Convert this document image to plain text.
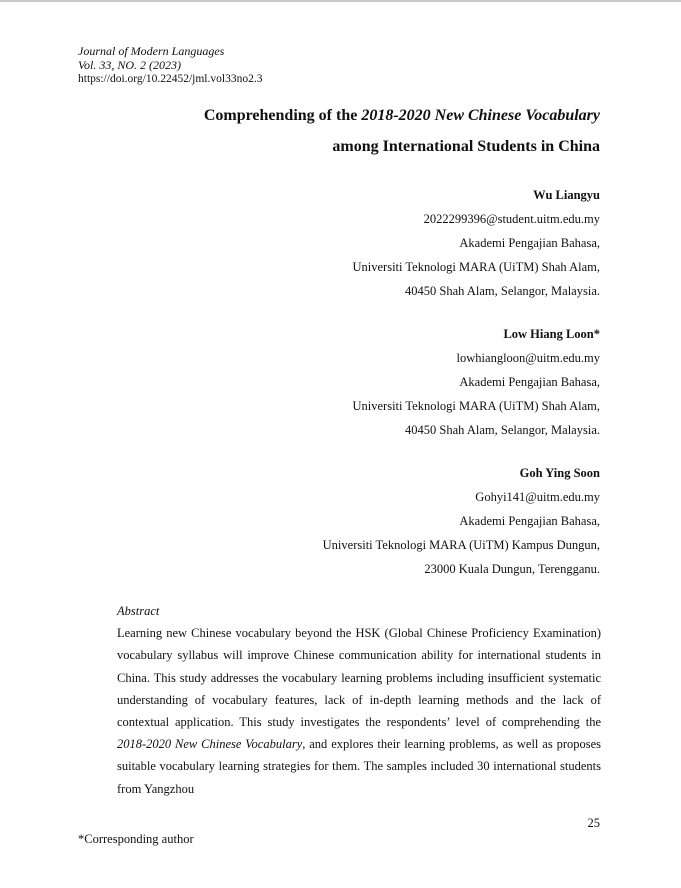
Journal of Modern Languages
Vol. 33, NO. 2 (2023)
https://doi.org/10.22452/jml.vol33no2.3
Comprehending of the 2018-2020 New Chinese Vocabulary
among International Students in China
Wu Liangyu
2022299396@student.uitm.edu.my
Akademi Pengajian Bahasa,
Universiti Teknologi MARA (UiTM) Shah Alam,
40450 Shah Alam, Selangor, Malaysia.
Low Hiang Loon*
lowhiangloon@uitm.edu.my
Akademi Pengajian Bahasa,
Universiti Teknologi MARA (UiTM) Shah Alam,
40450 Shah Alam, Selangor, Malaysia.
Goh Ying Soon
Gohyi141@uitm.edu.my
Akademi Pengajian Bahasa,
Universiti Teknologi MARA (UiTM) Kampus Dungun,
23000 Kuala Dungun, Terengganu.
Abstract
Learning new Chinese vocabulary beyond the HSK (Global Chinese Proficiency Examination) vocabulary syllabus will improve Chinese communication ability for international students in China. This study addresses the vocabulary learning problems including insufficient systematic understanding of vocabulary features, lack of in-depth learning methods and the lack of contextual application. This study investigates the respondents’ level of comprehending the 2018-2020 New Chinese Vocabulary, and explores their learning problems, as well as proposes suitable vocabulary learning strategies for them. The samples included 30 international students from Yangzhou
25
*Corresponding author
